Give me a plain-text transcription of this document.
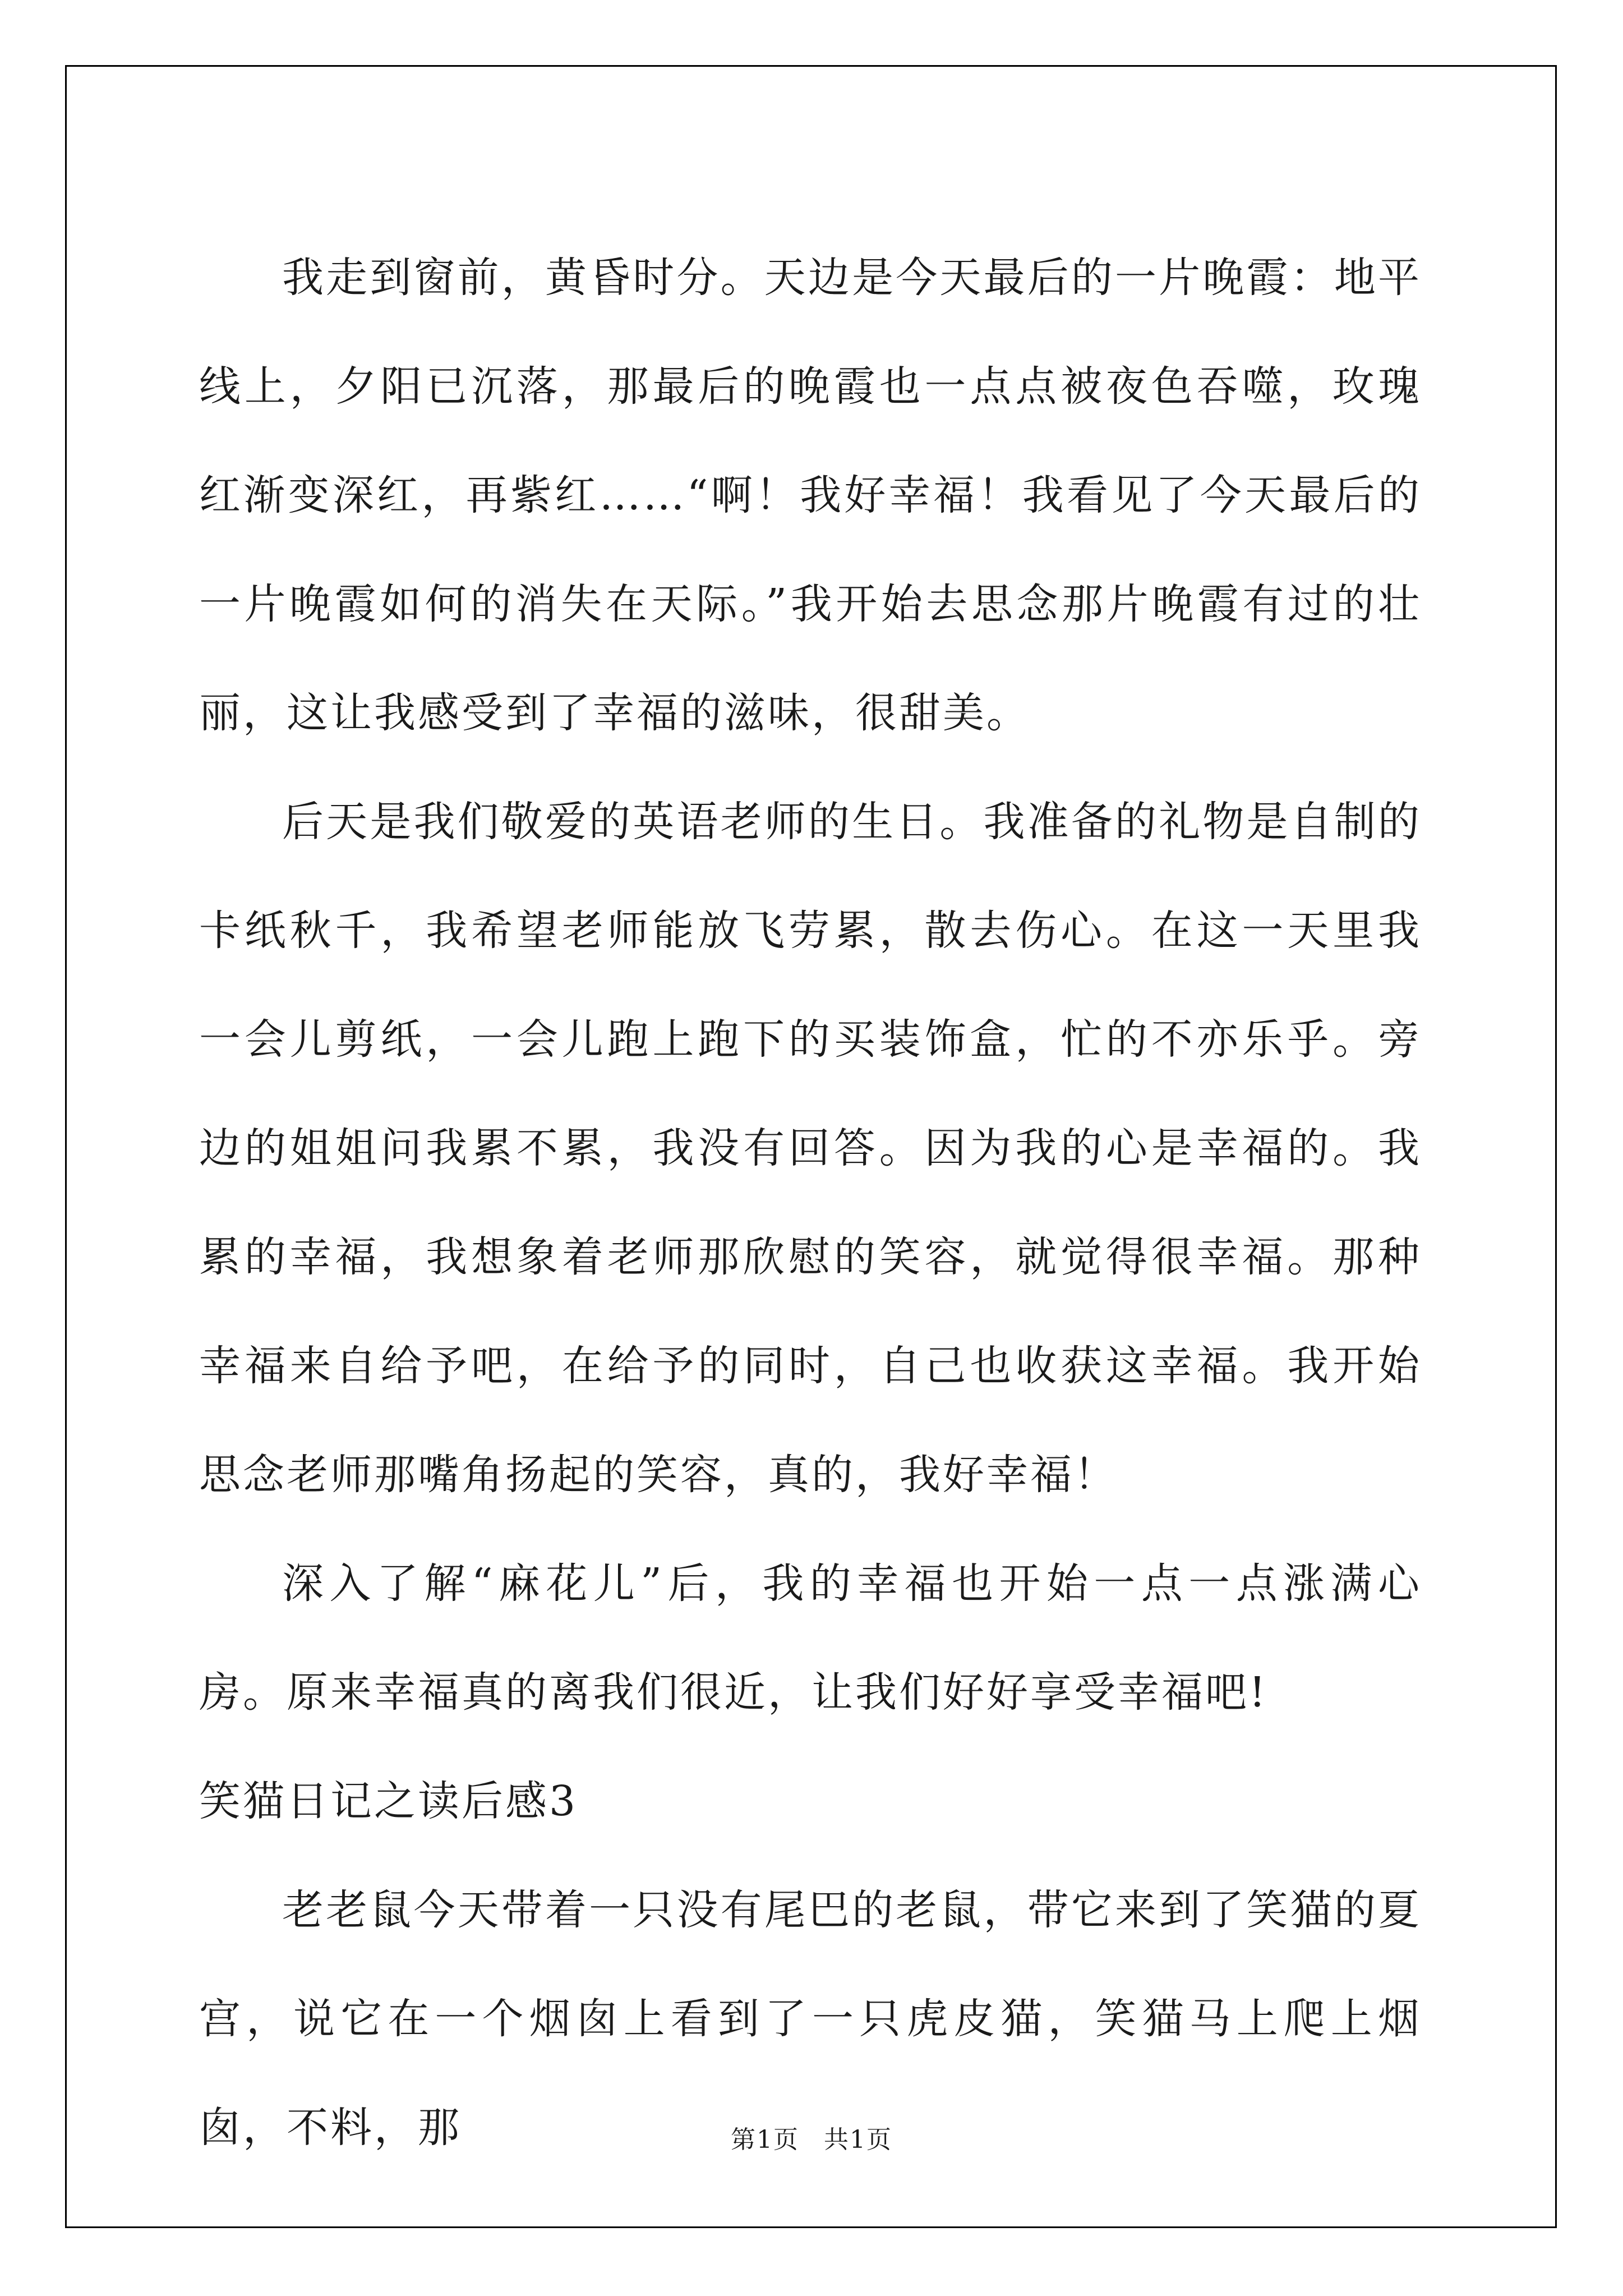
我走到窗前，黄昏时分。天边是今天最后的一片晚霞：地平线上，夕阳已沉落，那最后的晚霞也一点点被夜色吞噬，玫瑰红渐变深红，再紫红……“啊！我好幸福！我看见了今天最后的一片晚霞如何的消失在天际。”我开始去思念那片晚霞有过的壮丽，这让我感受到了幸福的滋味，很甜美。

后天是我们敬爱的英语老师的生日。我准备的礼物是自制的卡纸秋千，我希望老师能放飞劳累，散去伤心。在这一天里我一会儿剪纸，一会儿跑上跑下的买装饰盒，忙的不亦乐乎。旁边的姐姐问我累不累，我没有回答。因为我的心是幸福的。我累的幸福，我想象着老师那欣慰的笑容，就觉得很幸福。那种幸福来自给予吧，在给予的同时，自己也收获这幸福。我开始思念老师那嘴角扬起的笑容，真的，我好幸福！

深入了解“麻花儿”后，我的幸福也开始一点一点涨满心房。原来幸福真的离我们很近，让我们好好享受幸福吧!

笑猫日记之读后感3

老老鼠今天带着一只没有尾巴的老鼠，带它来到了笑猫的夏宫，说它在一个烟囱上看到了一只虎皮猫，笑猫马上爬上烟囱，不料，那	第1页 共1页
